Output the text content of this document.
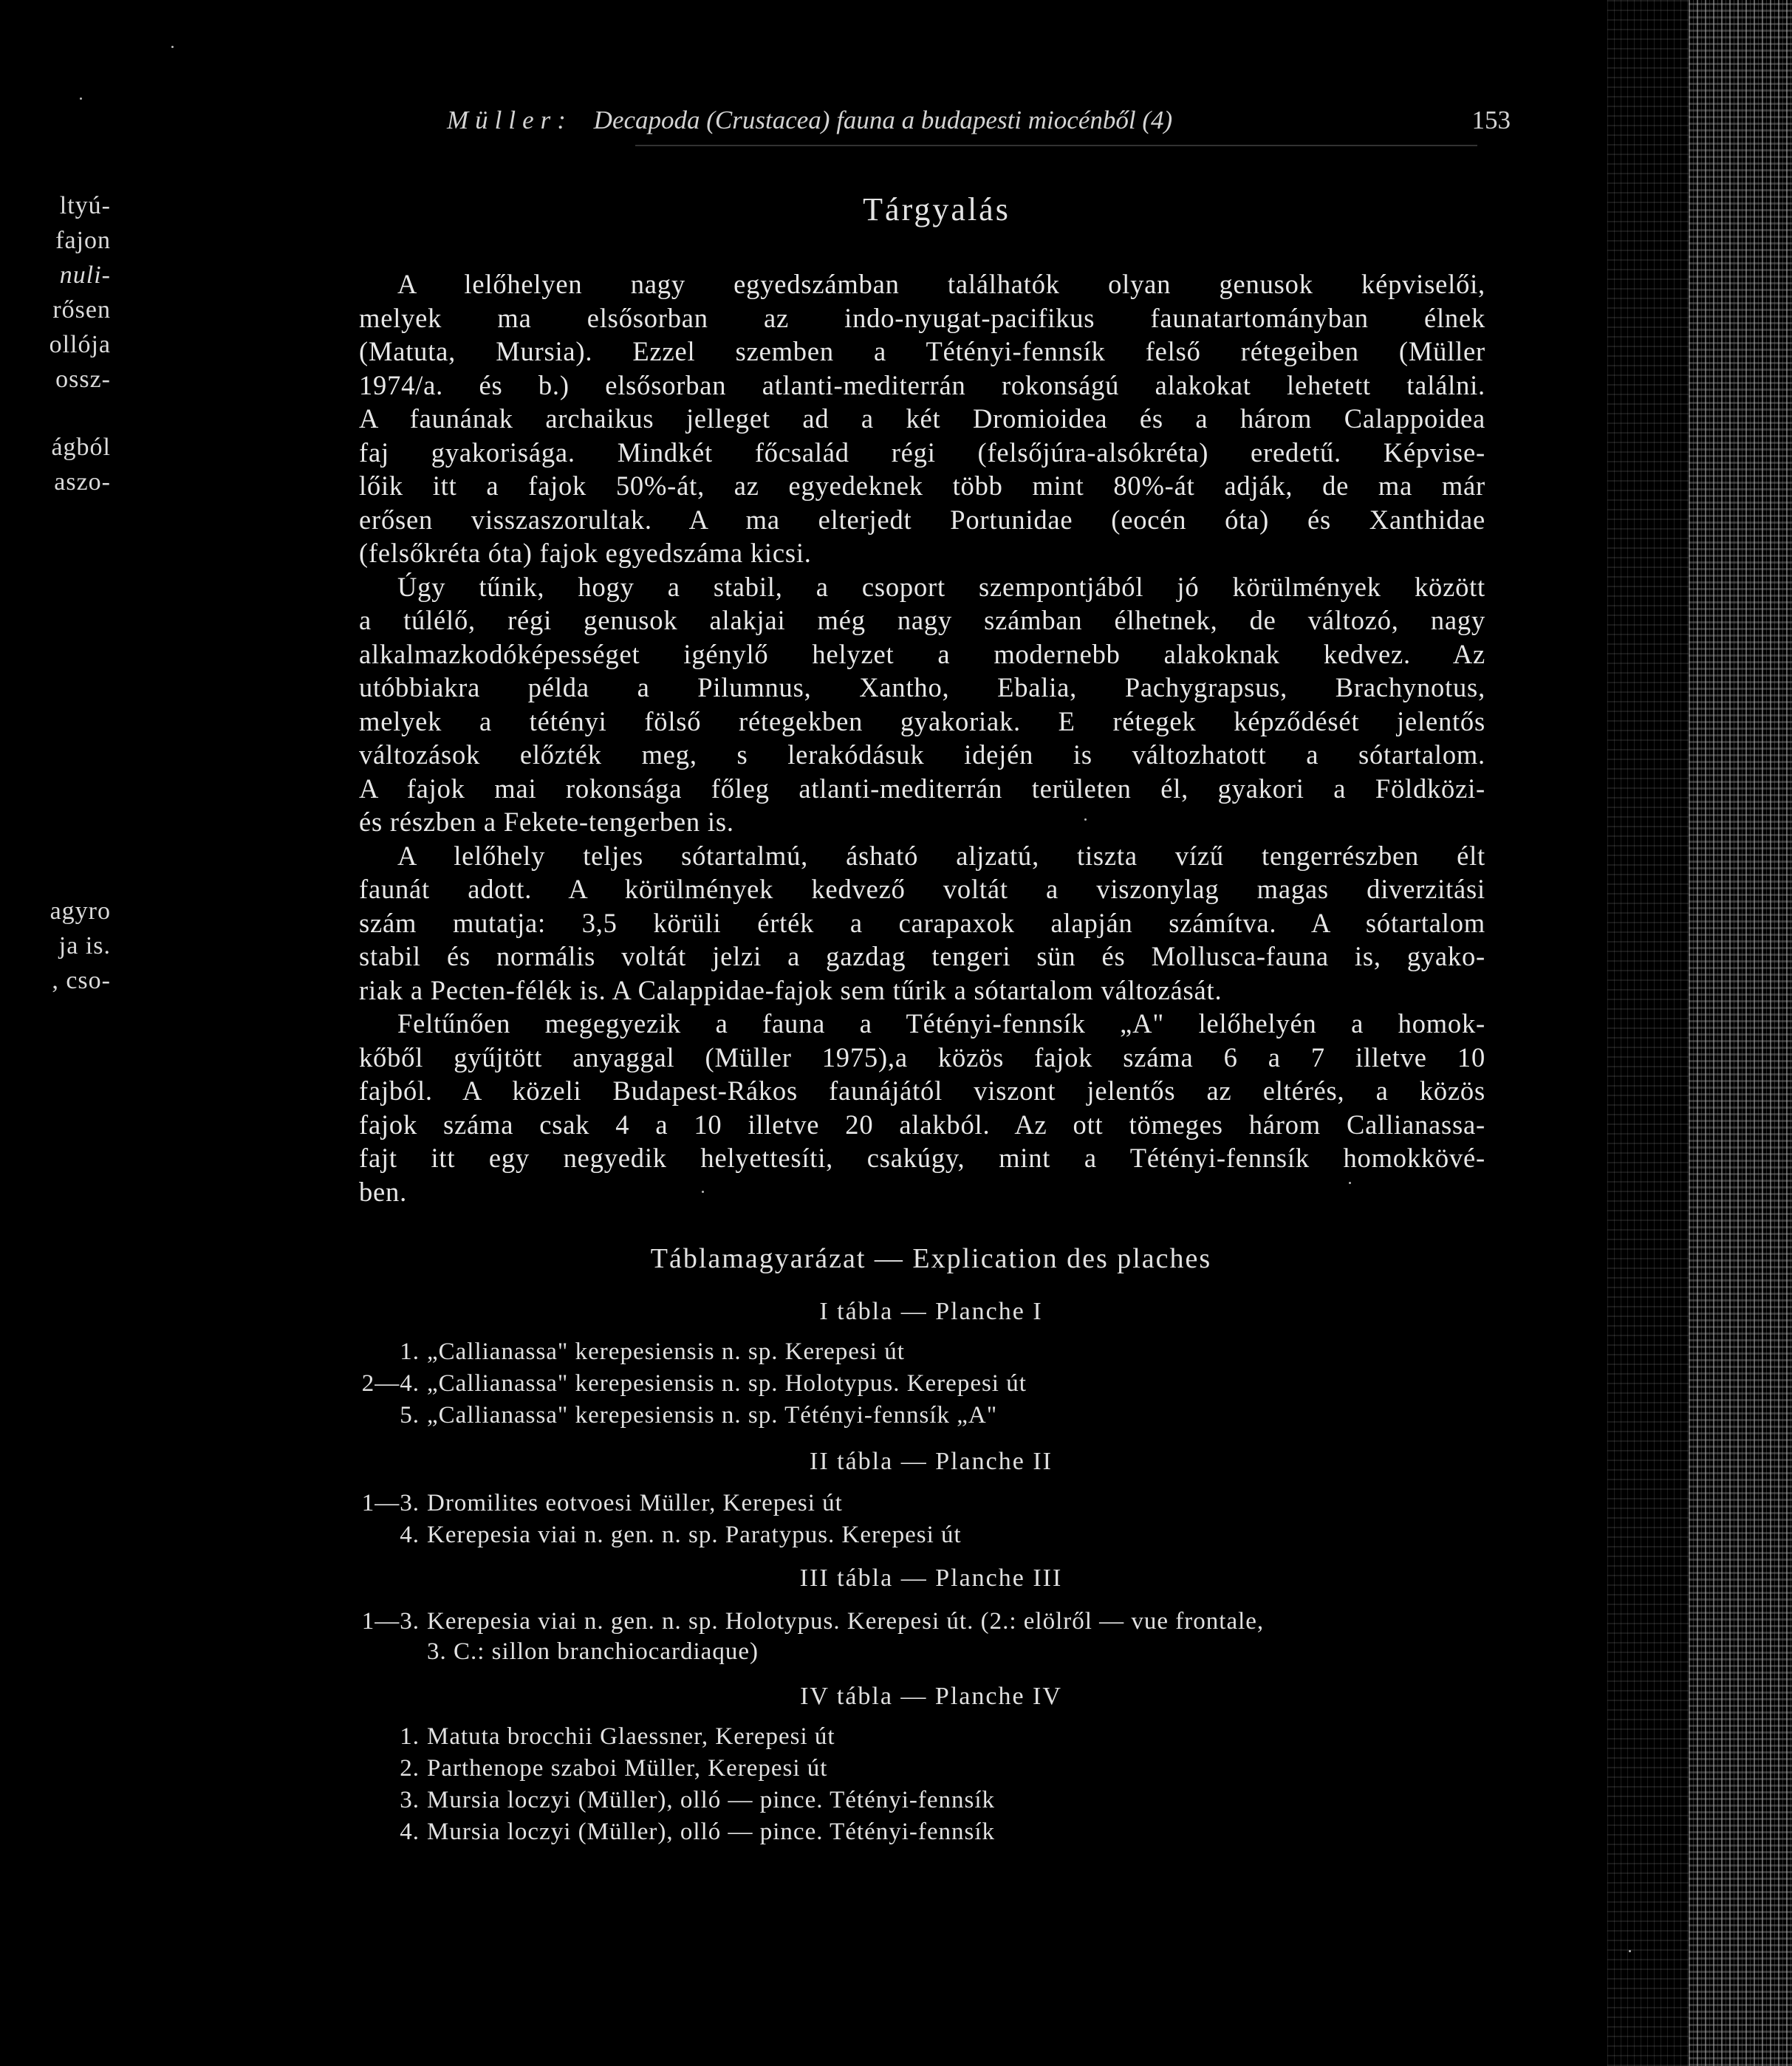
ltyú-
fajon
nuli-
rősen
ollója
ossz-
ágból
aszo-
agyro
ja is.
, cso-
Müller: Decapoda (Crustacea) fauna a budapesti miocénből (4)	153
Tárgyalás
A lelőhelyen nagy egyedszámban találhatók olyan genusok képviselői,
melyek ma elsősorban az indo-nyugat-pacifikus faunatartományban élnek
(Matuta, Mursia). Ezzel szemben a Tétényi-fennsík felső rétegeiben (Müller
1974/a. és b.) elsősorban atlanti-mediterrán rokonságú alakokat lehetett találni.
A faunának archaikus jelleget ad a két Dromioidea és a három Calappoidea
faj gyakorisága. Mindkét főcsalád régi (felsőjúra-alsókréta) eredetű. Képvise-
lőik itt a fajok 50%-át, az egyedeknek több mint 80%-át adják, de ma már
erősen visszaszorultak. A ma elterjedt Portunidae (eocén óta) és Xanthidae
(felsőkréta óta) fajok egyedszáma kicsi.
Úgy tűnik, hogy a stabil, a csoport szempontjából jó körülmények között
a túlélő, régi genusok alakjai még nagy számban élhetnek, de változó, nagy
alkalmazkodóképességet igénylő helyzet a modernebb alakoknak kedvez. Az
utóbbiakra példa a Pilumnus, Xantho, Ebalia, Pachygrapsus, Brachynotus,
melyek a tétényi fölső rétegekben gyakoriak. E rétegek képződését jelentős
változások előzték meg, s lerakódásuk idején is változhatott a sótartalom.
A fajok mai rokonsága főleg atlanti-mediterrán területen él, gyakori a Földközi-
és részben a Fekete-tengerben is.
A lelőhely teljes sótartalmú, ásható aljzatú, tiszta vízű tengerrészben élt
faunát adott. A körülmények kedvező voltát a viszonylag magas diverzitási
szám mutatja: 3,5 körüli érték a carapaxok alapján számítva. A sótartalom
stabil és normális voltát jelzi a gazdag tengeri sün és Mollusca-fauna is, gyako-
riak a Pecten-félék is. A Calappidae-fajok sem tűrik a sótartalom változását.
Feltűnően megegyezik a fauna a Tétényi-fennsík „A" lelőhelyén a homok-
kőből gyűjtött anyaggal (Müller 1975),a közös fajok száma 6 a 7 illetve 10
fajból. A közeli Budapest-Rákos faunájától viszont jelentős az eltérés, a közös
fajok száma csak 4 a 10 illetve 20 alakból. Az ott tömeges három Callianassa-
fajt itt egy negyedik helyettesíti, csakúgy, mint a Tétényi-fennsík homokkövé-
ben.
Táblamagyarázat — Explication des plaches
I tábla — Planche I
1. „Callianassa" kerepesiensis n. sp. Kerepesi út
2—4. „Callianassa" kerepesiensis n. sp. Holotypus. Kerepesi út
5. „Callianassa" kerepesiensis n. sp. Tétényi-fennsík „A"
II tábla — Planche II
1—3. Dromilites eotvoesi Müller, Kerepesi út
4. Kerepesia viai n. gen. n. sp. Paratypus. Kerepesi út
III tábla — Planche III
1—3. Kerepesia viai n. gen. n. sp. Holotypus. Kerepesi út. (2.: elölről — vue frontale,
3. C.: sillon branchiocardiaque)
IV tábla — Planche IV
1. Matuta brocchii Glaessner, Kerepesi út
2. Parthenope szaboi Müller, Kerepesi út
3. Mursia loczyi (Müller), olló — pince. Tétényi-fennsík
4. Mursia loczyi (Müller), olló — pince. Tétényi-fennsík
